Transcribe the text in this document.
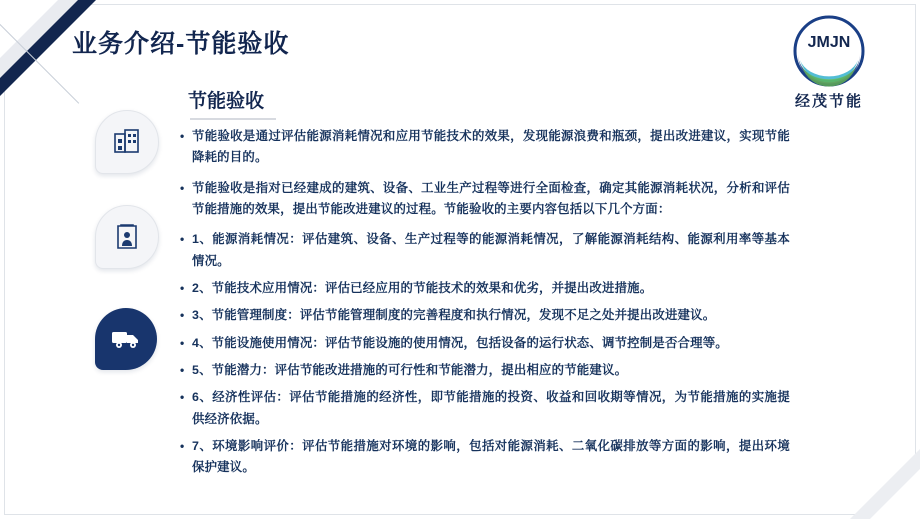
业务介绍-节能验收	JMJN
经茂节能
节能验收

• 节能验收是通过评估能源消耗情况和应用节能技术的效果，发现能源浪费和瓶颈，提出改进建议，实现节能降耗的目的。

• 节能验收是指对已经建成的建筑、设备、工业生产过程等进行全面检查，确定其能源消耗状况，分析和评估节能措施的效果，提出节能改进建议的过程。节能验收的主要内容包括以下几个方面：

• 1、能源消耗情况：评估建筑、设备、生产过程等的能源消耗情况，了解能源消耗结构、能源利用率等基本情况。

• 2、节能技术应用情况：评估已经应用的节能技术的效果和优劣，并提出改进措施。

• 3、节能管理制度：评估节能管理制度的完善程度和执行情况，发现不足之处并提出改进建议。

• 4、节能设施使用情况：评估节能设施的使用情况，包括设备的运行状态、调节控制是否合理等。

• 5、节能潜力：评估节能改进措施的可行性和节能潜力，提出相应的节能建议。

• 6、经济性评估：评估节能措施的经济性，即节能措施的投资、收益和回收期等情况，为节能措施的实施提供经济依据。

• 7、环境影响评价：评估节能措施对环境的影响，包括对能源消耗、二氧化碳排放等方面的影响，提出环境保护建议。
